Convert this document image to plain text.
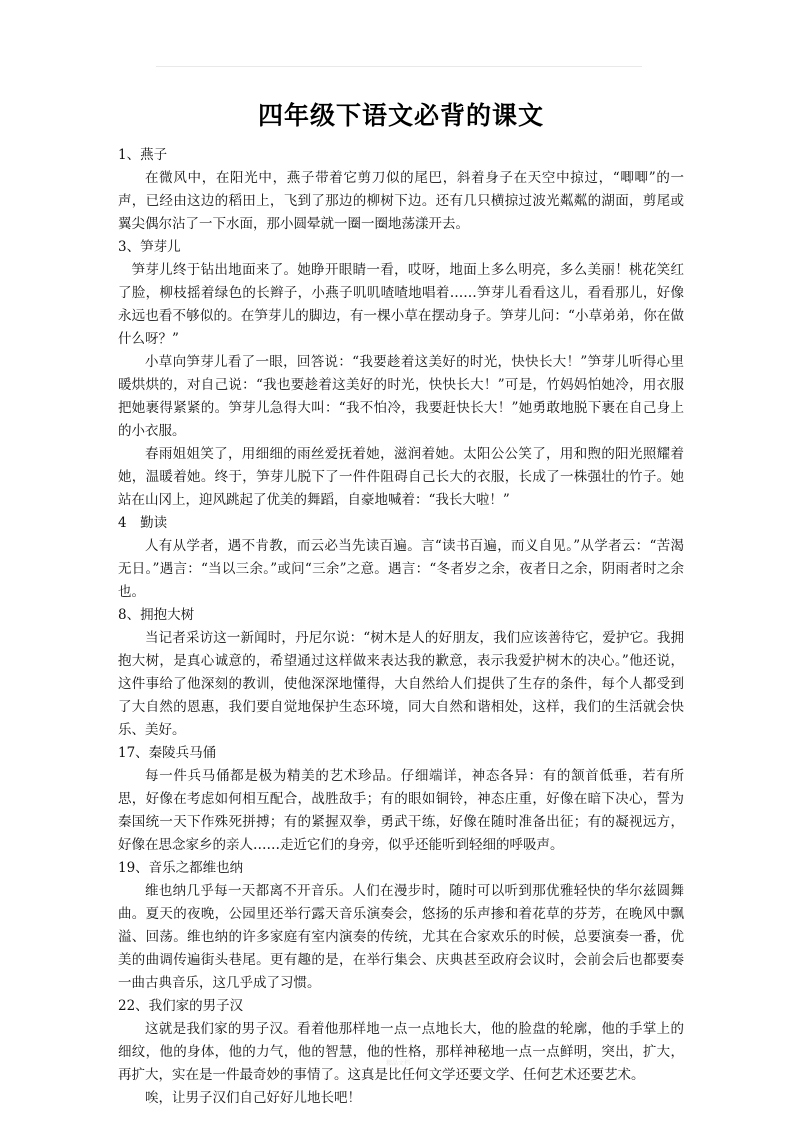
四年级下语文必背的课文

1、燕子

在微风中，在阳光中，燕子带着它剪刀似的尾巴，斜着身子在天空中掠过，“唧唧”的一声，已经由这边的稻田上，飞到了那边的柳树下边。还有几只横掠过波光粼粼的湖面，剪尾或翼尖偶尔沾了一下水面，那小圆晕就一圈一圈地荡漾开去。

3、笋芽儿

笋芽儿终于钻出地面来了。她睁开眼睛一看，哎呀，地面上多么明亮，多么美丽！桃花笑红了脸，柳枝摇着绿色的长辫子，小燕子叽叽喳喳地唱着……笋芽儿看看这儿，看看那儿，好像永远也看不够似的。在笋芽儿的脚边，有一棵小草在摆动身子。笋芽儿问：“小草弟弟，你在做什么呀？”

小草向笋芽儿看了一眼，回答说：“我要趁着这美好的时光，快快长大！”笋芽儿听得心里暖烘烘的，对自己说：“我也要趁着这美好的时光，快快长大！”可是，竹妈妈怕她冷，用衣服把她裹得紧紧的。笋芽儿急得大叫：“我不怕冷，我要赶快长大！”她勇敢地脱下裹在自己身上的小衣服。

春雨姐姐笑了，用细细的雨丝爱抚着她，滋润着她。太阳公公笑了，用和煦的阳光照耀着她，温暖着她。终于，笋芽儿脱下了一件件阻碍自己长大的衣服，长成了一株强壮的竹子。她站在山冈上，迎风跳起了优美的舞蹈，自豪地喊着：“我长大啦！”

4　勤读

人有从学者，遇不肯教，而云必当先读百遍。言“读书百遍，而义自见。”从学者云：“苦渴无日。”遇言：“当以三余。”或问“三余”之意。遇言：“冬者岁之余，夜者日之余，阴雨者时之余也。

8、拥抱大树

当记者采访这一新闻时，丹尼尔说：“树木是人的好朋友，我们应该善待它，爱护它。我拥抱大树，是真心诚意的，希望通过这样做来表达我的歉意，表示我爱护树木的决心。”他还说，这件事给了他深刻的教训，使他深深地懂得，大自然给人们提供了生存的条件，每个人都受到了大自然的恩惠，我们要自觉地保护生态环境，同大自然和谐相处，这样，我们的生活就会快乐、美好。

17、秦陵兵马俑

每一件兵马俑都是极为精美的艺术珍品。仔细端详，神态各异：有的颔首低垂，若有所思，好像在考虑如何相互配合，战胜敌手；有的眼如铜铃，神态庄重，好像在暗下决心，誓为秦国统一天下作殊死拼搏；有的紧握双拳，勇武干练，好像在随时准备出征；有的凝视远方，好像在思念家乡的亲人……走近它们的身旁，似乎还能听到轻细的呼吸声。

19、音乐之都维也纳

维也纳几乎每一天都离不开音乐。人们在漫步时，随时可以听到那优雅轻快的华尔兹圆舞曲。夏天的夜晚，公园里还举行露天音乐演奏会，悠扬的乐声掺和着花草的芬芳，在晚风中飘溢、回荡。维也纳的许多家庭有室内演奏的传统，尤其在合家欢乐的时候，总要演奏一番，优美的曲调传遍街头巷尾。更有趣的是，在举行集会、庆典甚至政府会议时，会前会后也都要奏一曲古典音乐，这几乎成了习惯。

22、我们家的男子汉

这就是我们家的男子汉。看着他那样地一点一点地长大，他的脸盘的轮廓，他的手掌上的细纹，他的身体，他的力气，他的智慧，他的性格，那样神秘地一点一点鲜明，突出，扩大，再扩大，实在是一件最奇妙的事情了。这真是比任何文学还要文学、任何艺术还要艺术。

唉，让男子汉们自己好好儿地长吧！

精品文档
